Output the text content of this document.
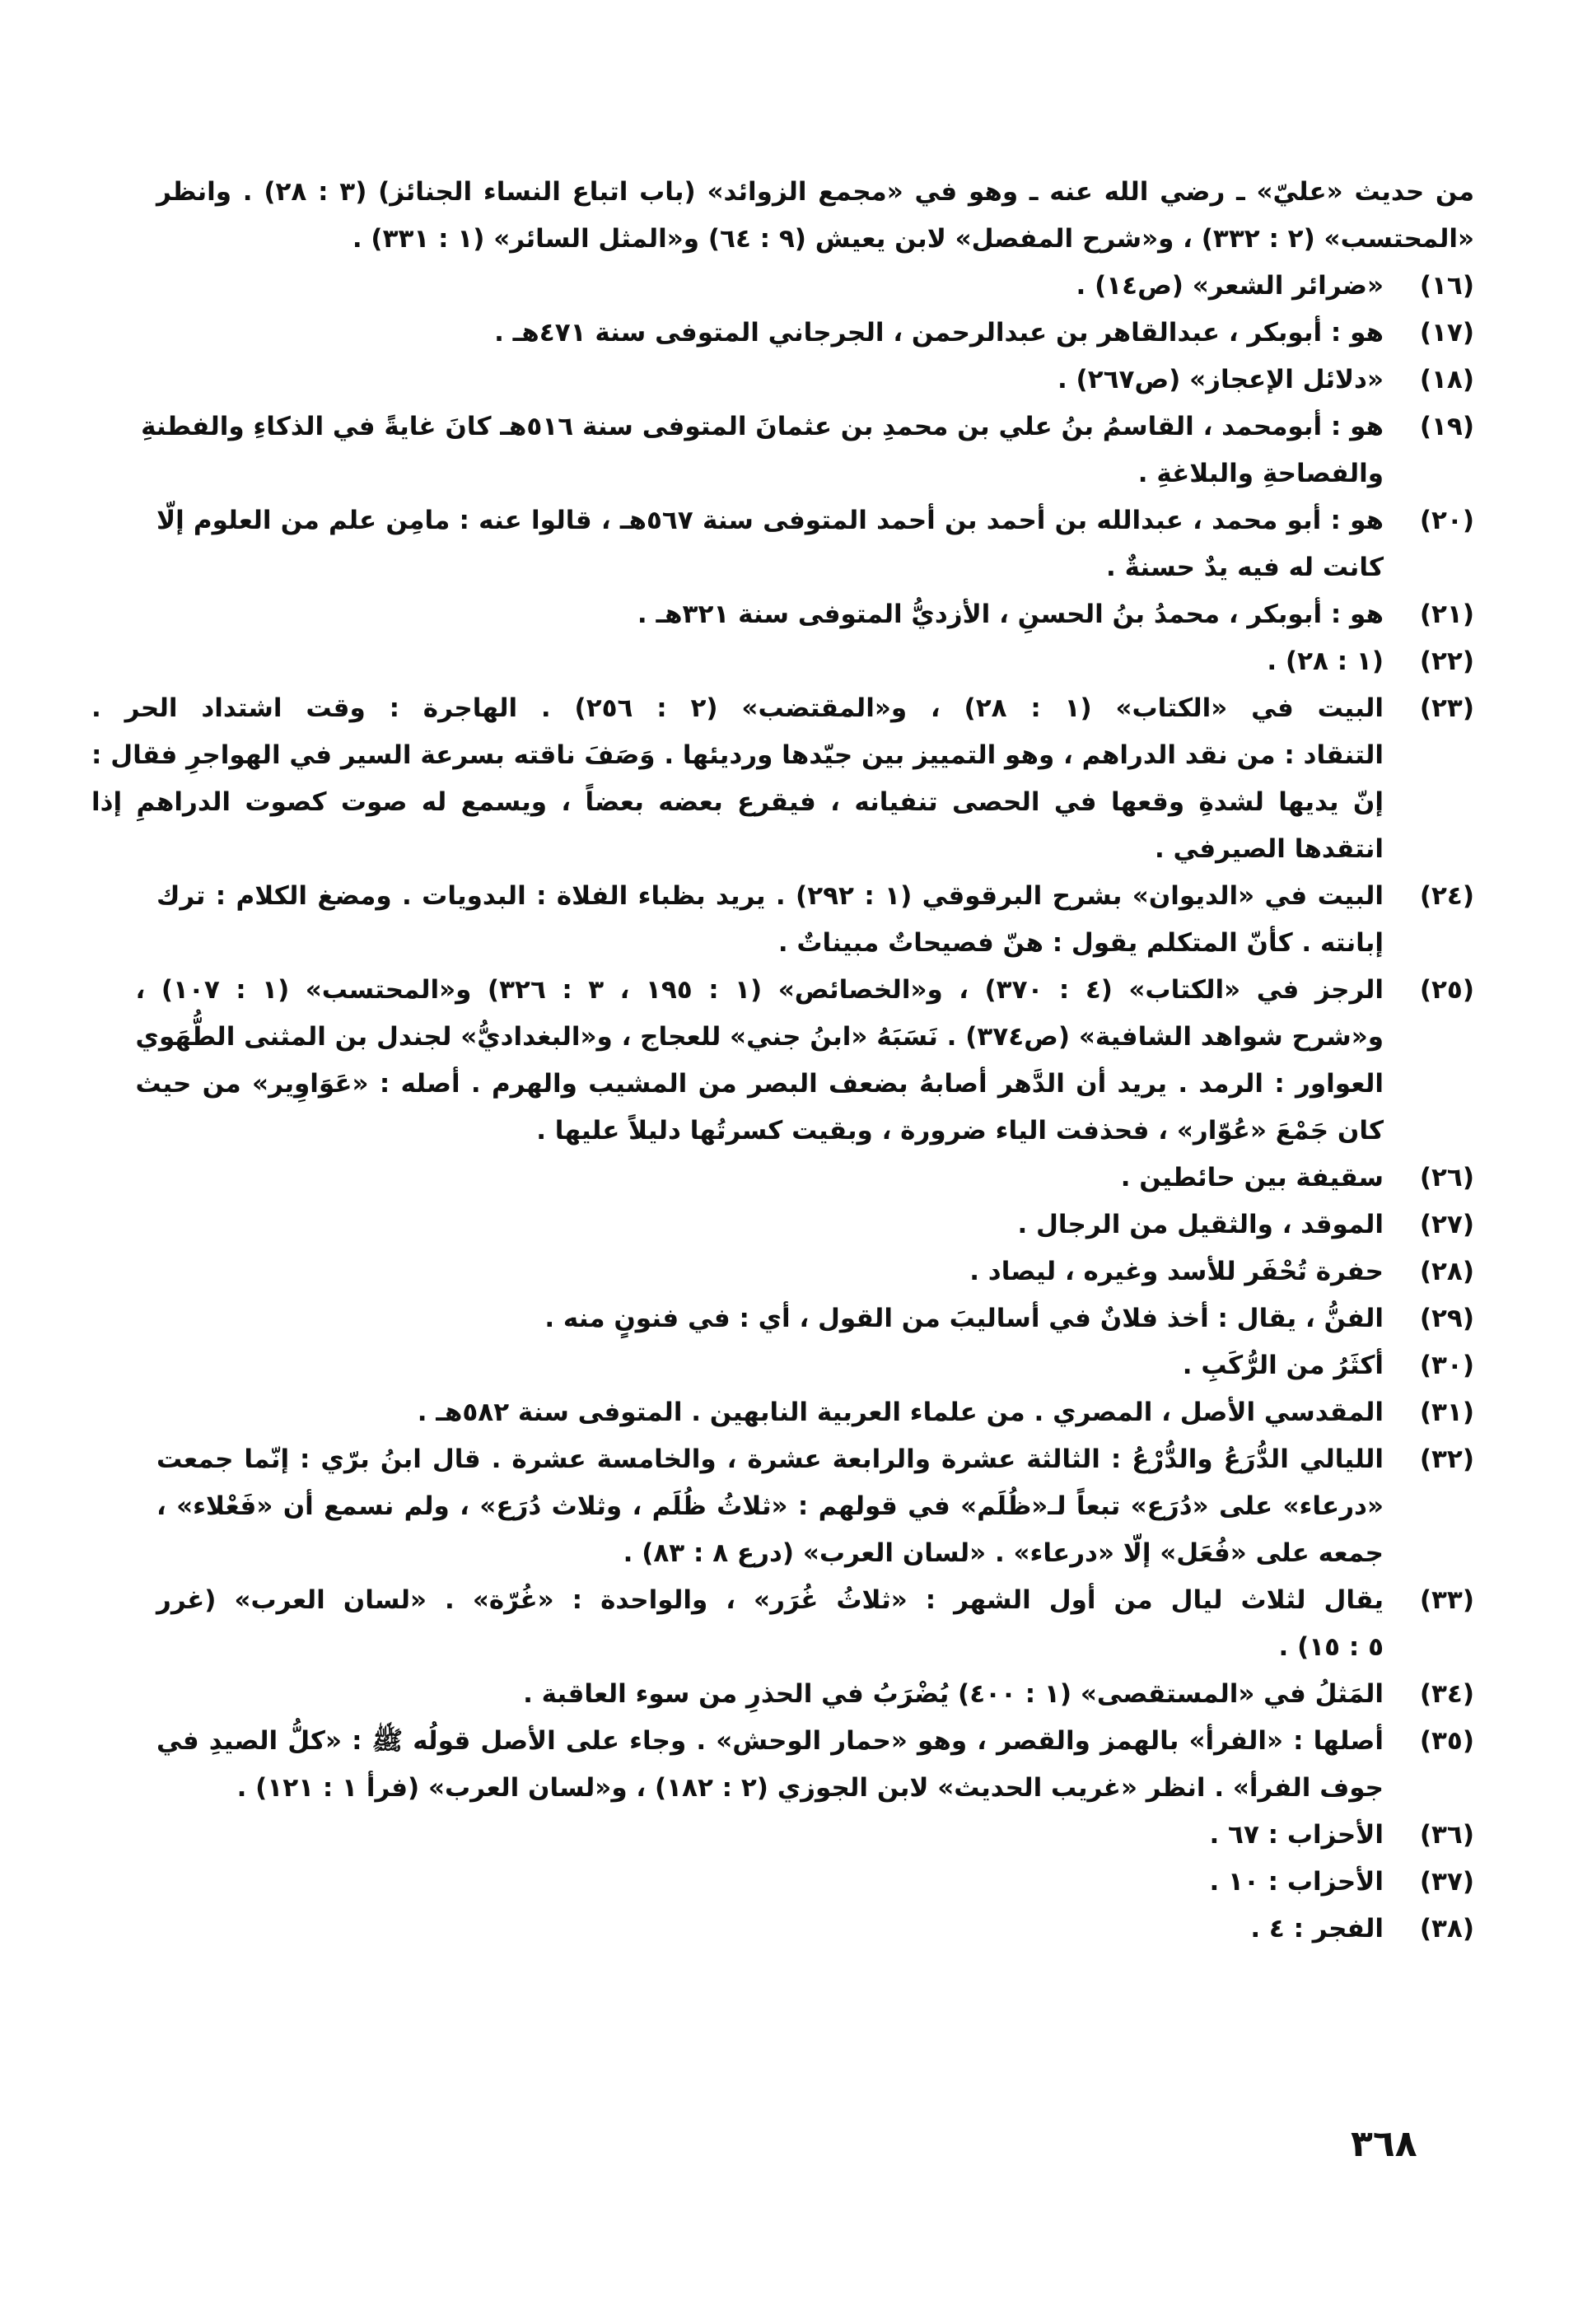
من حديث «عليّ» ـ رضي الله عنه ـ وهو في «مجمع الزوائد» (باب اتباع النساء الجنائز) (٣ : ٢٨) . وانظر
«المحتسب» (٢ : ٣٣٢) ، و«شرح المفصل» لابن يعيش (٩ : ٦٤) و«المثل السائر» (١ : ٣٣١) .
(١٦)
«ضرائر الشعر» (ص١٤) .
(١٧)
هو : أبوبكر ، عبدالقاهر بن عبدالرحمن ، الجرجاني المتوفى سنة ٤٧١هـ .
(١٨)
«دلائل الإعجاز» (ص٢٦٧) .
(١٩)
هو : أبومحمد ، القاسمُ بنُ علي بن محمدِ بن عثمانَ المتوفى سنة ٥١٦هـ كانَ غايةً في الذكاءِ والفطنةِ
والفصاحةِ والبلاغةِ .
(٢٠)
هو : أبو محمد ، عبدالله بن أحمد بن أحمد المتوفى سنة ٥٦٧هـ ، قالوا عنه : مامِن علم من العلوم إلّا
كانت له فيه يدٌ حسنةٌ .
(٢١)
هو : أبوبكر ، محمدُ بنُ الحسنِ ، الأزديُّ المتوفى سنة ٣٢١هـ .
(٢٢)
(١ : ٢٨) .
(٢٣)
البيت في «الكتاب» (١ : ٢٨) ، و«المقتضب» (٢ : ٢٥٦) . الهاجرة : وقت اشتداد الحر .
التنقاد : من نقد الدراهم ، وهو التمييز بين جيّدها ورديئها . وَصَفَ ناقته بسرعة السير في الهواجرِ فقال :
إنّ يديها لشدةِ وقعها في الحصى تنفيانه ، فيقرع بعضه بعضاً ، ويسمع له صوت كصوت الدراهمِ إذا
انتقدها الصيرفي .
(٢٤)
البيت في «الديوان» بشرح البرقوقي (١ : ٢٩٢) . يريد بظباء الفلاة : البدويات . ومضغ الكلام : ترك
إبانته . كأنّ المتكلم يقول : هنّ فصيحاتٌ مبيناتٌ .
(٢٥)
الرجز في «الكتاب» (٤ : ٣٧٠) ، و«الخصائص» (١ : ١٩٥ ، ٣ : ٣٢٦) و«المحتسب» (١ : ١٠٧) ،
و«شرح شواهد الشافية» (ص٣٧٤) . نَسَبَهُ «ابنُ جني» للعجاج ، و«البغداديُّ» لجندل بن المثنى الطُّهَوي
العواور : الرمد . يريد أن الدَّهر أصابهُ بضعف البصر من المشيب والهرم . أصله : «عَوَاوِير» من حيث
كان جَمْعَ «عُوّار» ، فحذفت الياء ضرورة ، وبقيت كسرتُها دليلاً عليها .
(٢٦)
سقيفة بين حائطين .
(٢٧)
الموقد ، والثقيل من الرجال .
(٢٨)
حفرة تُحْفَر للأسد وغيره ، ليصاد .
(٢٩)
الفنُّ ، يقال : أخذ فلانٌ في أساليبَ من القول ، أي : في فنونٍ منه .
(٣٠)
أكثَرُ من الرُّكَبِ .
(٣١)
المقدسي الأصل ، المصري . من علماء العربية النابهين . المتوفى سنة ٥٨٢هـ .
(٣٢)
الليالي الدُّرَعُ والدُّرْعُ : الثالثة عشرة والرابعة عشرة ، والخامسة عشرة . قال ابنُ برّي : إنّما جمعت
«درعاء» على «دُرَع» تبعاً لـ«ظُلَم» في قولهم : «ثلاثُ ظُلَم ، وثلاث دُرَع» ، ولم نسمع أن «فَعْلاء» ،
جمعه على «فُعَل» إلّا «درعاء» . «لسان العرب» (درع ٨ : ٨٣) .
(٣٣)
يقال لثلاث ليال من أول الشهر : «ثلاثُ غُرَر» ، والواحدة : «غُرّة» . «لسان العرب» (غرر
٥ : ١٥) .
(٣٤)
المَثلُ في «المستقصى» (١ : ٤٠٠) يُضْرَبُ في الحذرِ من سوء العاقبة .
(٣٥)
أصلها : «الفرأ» بالهمز والقصر ، وهو «حمار الوحش» . وجاء على الأصل قولُه ﷺ : «كلُّ الصيدِ في
جوف الفرأ» . انظر «غريب الحديث» لابن الجوزي (٢ : ١٨٢) ، و«لسان العرب» (فرأ ١ : ١٢١) .
(٣٦)
الأحزاب : ٦٧ .
(٣٧)
الأحزاب : ١٠ .
(٣٨)
الفجر : ٤ .
٣٦٨
